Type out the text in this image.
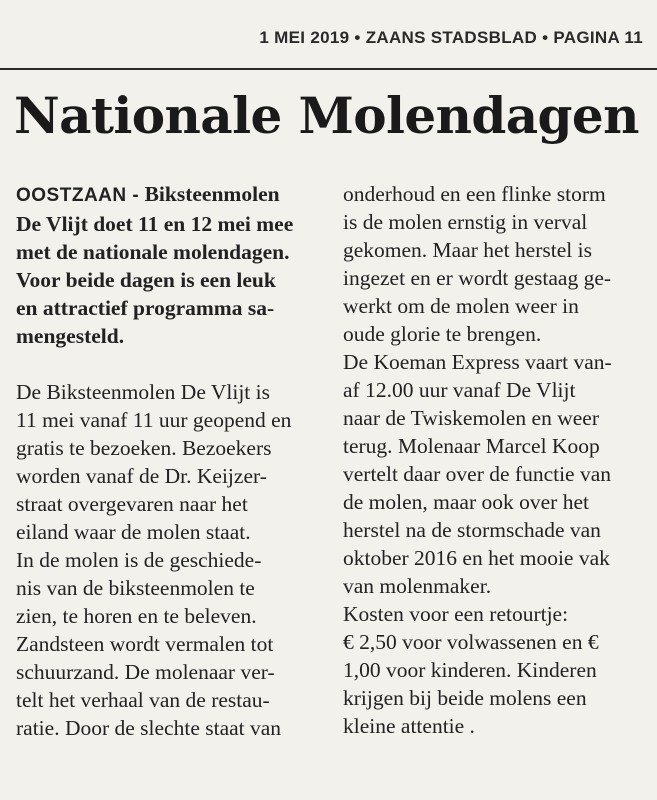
1 MEI 2019 • ZAANS STADSBLAD • PAGINA 11
Nationale Molendagen

OOSTZAAN - Biksteenmolen

De Vlijt doet 11 en 12 mei mee

met de nationale molendagen.

Voor beide dagen is een leuk

en attractief programma sa-

mengesteld.

De Biksteenmolen De Vlijt is

11 mei vanaf 11 uur geopend en

gratis te bezoeken. Bezoekers

worden vanaf de Dr. Keijzer-

straat overgevaren naar het

eiland waar de molen staat.

In de molen is de geschiede-

nis van de biksteenmolen te

zien, te horen en te beleven.

Zandsteen wordt vermalen tot

schuurzand. De molenaar ver-

telt het verhaal van de restau-

ratie. Door de slechte staat van

onderhoud en een flinke storm

is de molen ernstig in verval

gekomen. Maar het herstel is

ingezet en er wordt gestaag ge-

werkt om de molen weer in

oude glorie te brengen.

De Koeman Express vaart van-

af 12.00 uur vanaf De Vlijt

naar de Twiskemolen en weer

terug. Molenaar Marcel Koop

vertelt daar over de functie van

de molen, maar ook over het

herstel na de stormschade van

oktober 2016 en het mooie vak

van molenmaker.

Kosten voor een retourtje:

€ 2,50 voor volwassenen en €

1,00 voor kinderen. Kinderen

krijgen bij beide molens een

kleine attentie .
